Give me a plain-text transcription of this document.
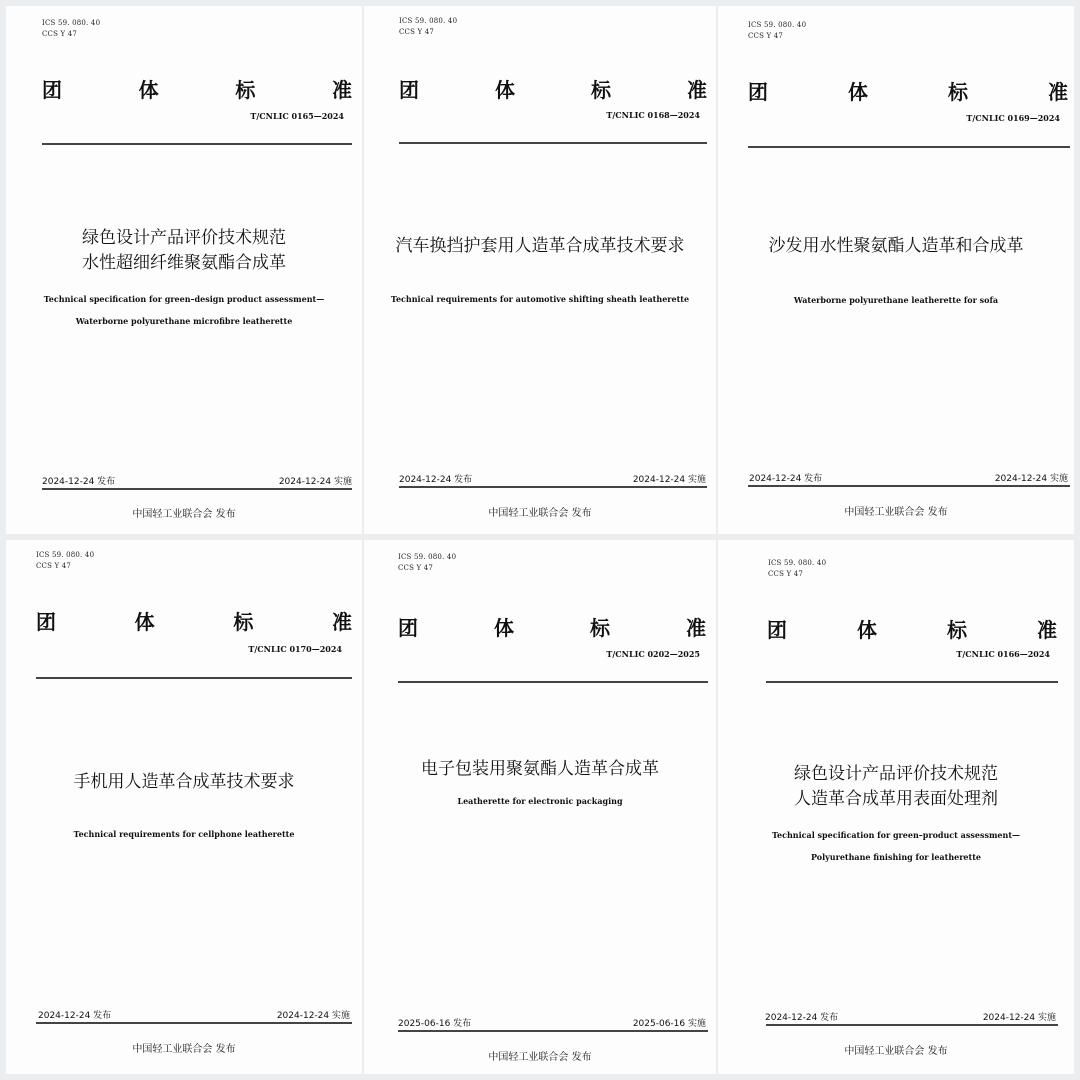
ICS 59. 080. 40
CCS Y 47
团	体	标	准
T/CNLIC 0165—2024
绿色设计产品评价技术规范
水性超细纤维聚氨酯合成革
Technical specification for green–design product assessment—
Waterborne polyurethane microfibre leatherette
2024-12-24 发布	2024-12-24 实施
中国轻工业联合会 发布
ICS 59. 080. 40
CCS Y 47
团	体	标	准
T/CNLIC 0168—2024
汽车换挡护套用人造革合成革技术要求
Technical requirements for automotive shifting sheath leatherette
2024-12-24 发布	2024-12-24 实施
中国轻工业联合会 发布
ICS 59. 080. 40
CCS Y 47
团	体	标	准
T/CNLIC 0169—2024
沙发用水性聚氨酯人造革和合成革
Waterborne polyurethane leatherette for sofa
2024-12-24 发布	2024-12-24 实施
中国轻工业联合会 发布
ICS 59. 080. 40
CCS Y 47
团	体	标	准
T/CNLIC 0170—2024
手机用人造革合成革技术要求
Technical requirements for cellphone leatherette
2024-12-24 发布	2024-12-24 实施
中国轻工业联合会 发布
ICS 59. 080. 40
CCS Y 47
团	体	标	准
T/CNLIC 0202—2025
电子包装用聚氨酯人造革合成革
Leatherette for electronic packaging
2025-06-16 发布	2025-06-16 实施
中国轻工业联合会 发布
ICS 59. 080. 40
CCS Y 47
团	体	标	准
T/CNLIC 0166—2024
绿色设计产品评价技术规范
人造革合成革用表面处理剂
Technical specification for green–product assessment—
Polyurethane finishing for leatherette
2024-12-24 发布	2024-12-24 实施
中国轻工业联合会 发布
